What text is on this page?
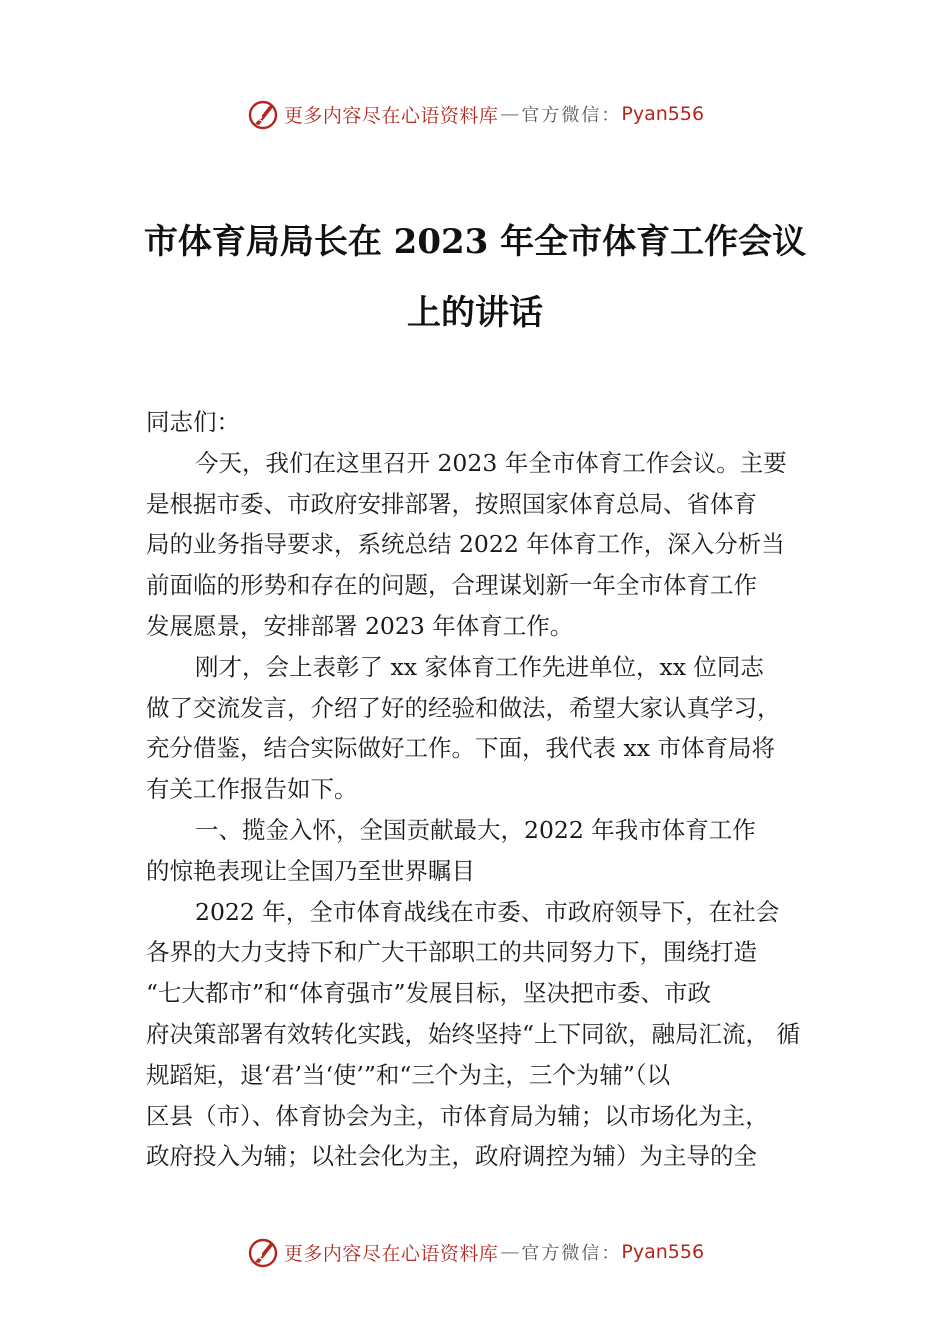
更多内容尽在心语资料库 — 官方微信： Pyan556
市体育局局长在 2023 年全市体育工作会议
上的讲话
同志们：
今天，我们在这里召开 2023 年全市体育工作会议。主要
是根据市委、市政府安排部署，按照国家体育总局、省体育
局的业务指导要求，系统总结 2022 年体育工作，深入分析当
前面临的形势和存在的问题，合理谋划新一年全市体育工作
发展愿景，安排部署 2023 年体育工作。
刚才，会上表彰了 xx 家体育工作先进单位，xx 位同志
做了交流发言，介绍了好的经验和做法，希望大家认真学习，
充分借鉴，结合实际做好工作。下面，我代表 xx 市体育局将
有关工作报告如下。
一、揽金入怀，全国贡献最大，2022 年我市体育工作
的惊艳表现让全国乃至世界瞩目
2022 年，全市体育战线在市委、市政府领导下，在社会
各界的大力支持下和广大干部职工的共同努力下，围绕打造
“七大都市”和“体育强市”发展目标，坚决把市委、市政
府决策部署有效转化实践，始终坚持“上下同欲，融局汇流， 循
规蹈矩，退‘君’当‘使’”和“三个为主，三个为辅”（以
区县（市）、体育协会为主，市体育局为辅；以市场化为主，
政府投入为辅；以社会化为主，政府调控为辅）为主导的全
更多内容尽在心语资料库 — 官方微信： Pyan556
